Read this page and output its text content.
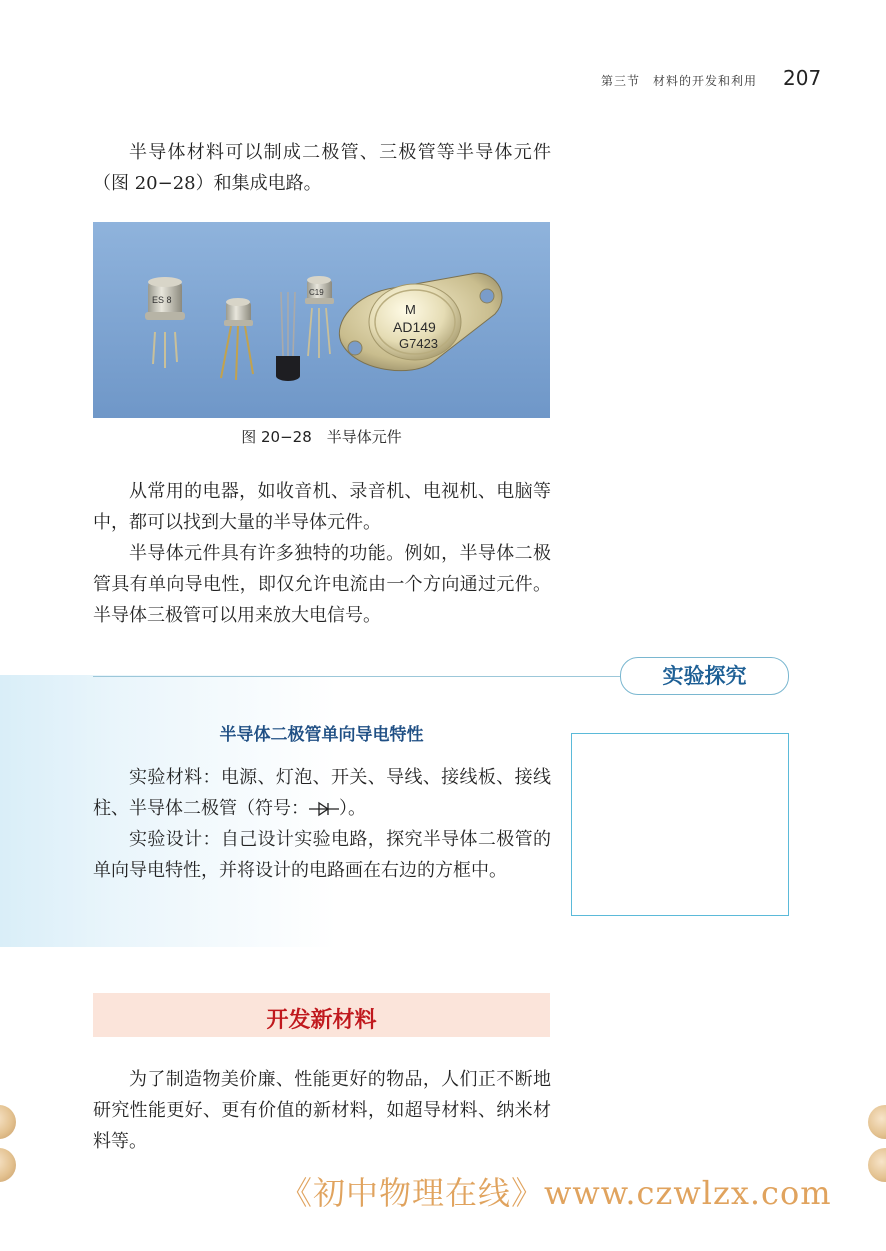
第三节　材料的开发和利用 207

半导体材料可以制成二极管、三极管等半导体元件（图 20−28）和集成电路。

ES 8
C19
M
AD149
G7423
图 20−28　半导体元件

从常用的电器，如收音机、录音机、电视机、电脑等中，都可以找到大量的半导体元件。

半导体元件具有许多独特的功能。例如，半导体二极管具有单向导电性，即仅允许电流由一个方向通过元件。半导体三极管可以用来放大电信号。

实验探究
半导体二极管单向导电特性

实验材料：电源、灯泡、开关、导线、接线板、接线柱、半导体二极管（符号： ）。

实验设计：自己设计实验电路，探究半导体二极管的单向导电特性，并将设计的电路画在右边的方框中。

开发新材料

为了制造物美价廉、性能更好的物品，人们正不断地研究性能更好、更有价值的新材料，如超导材料、纳米材料等。

《初中物理在线》www.czwlzx.com
